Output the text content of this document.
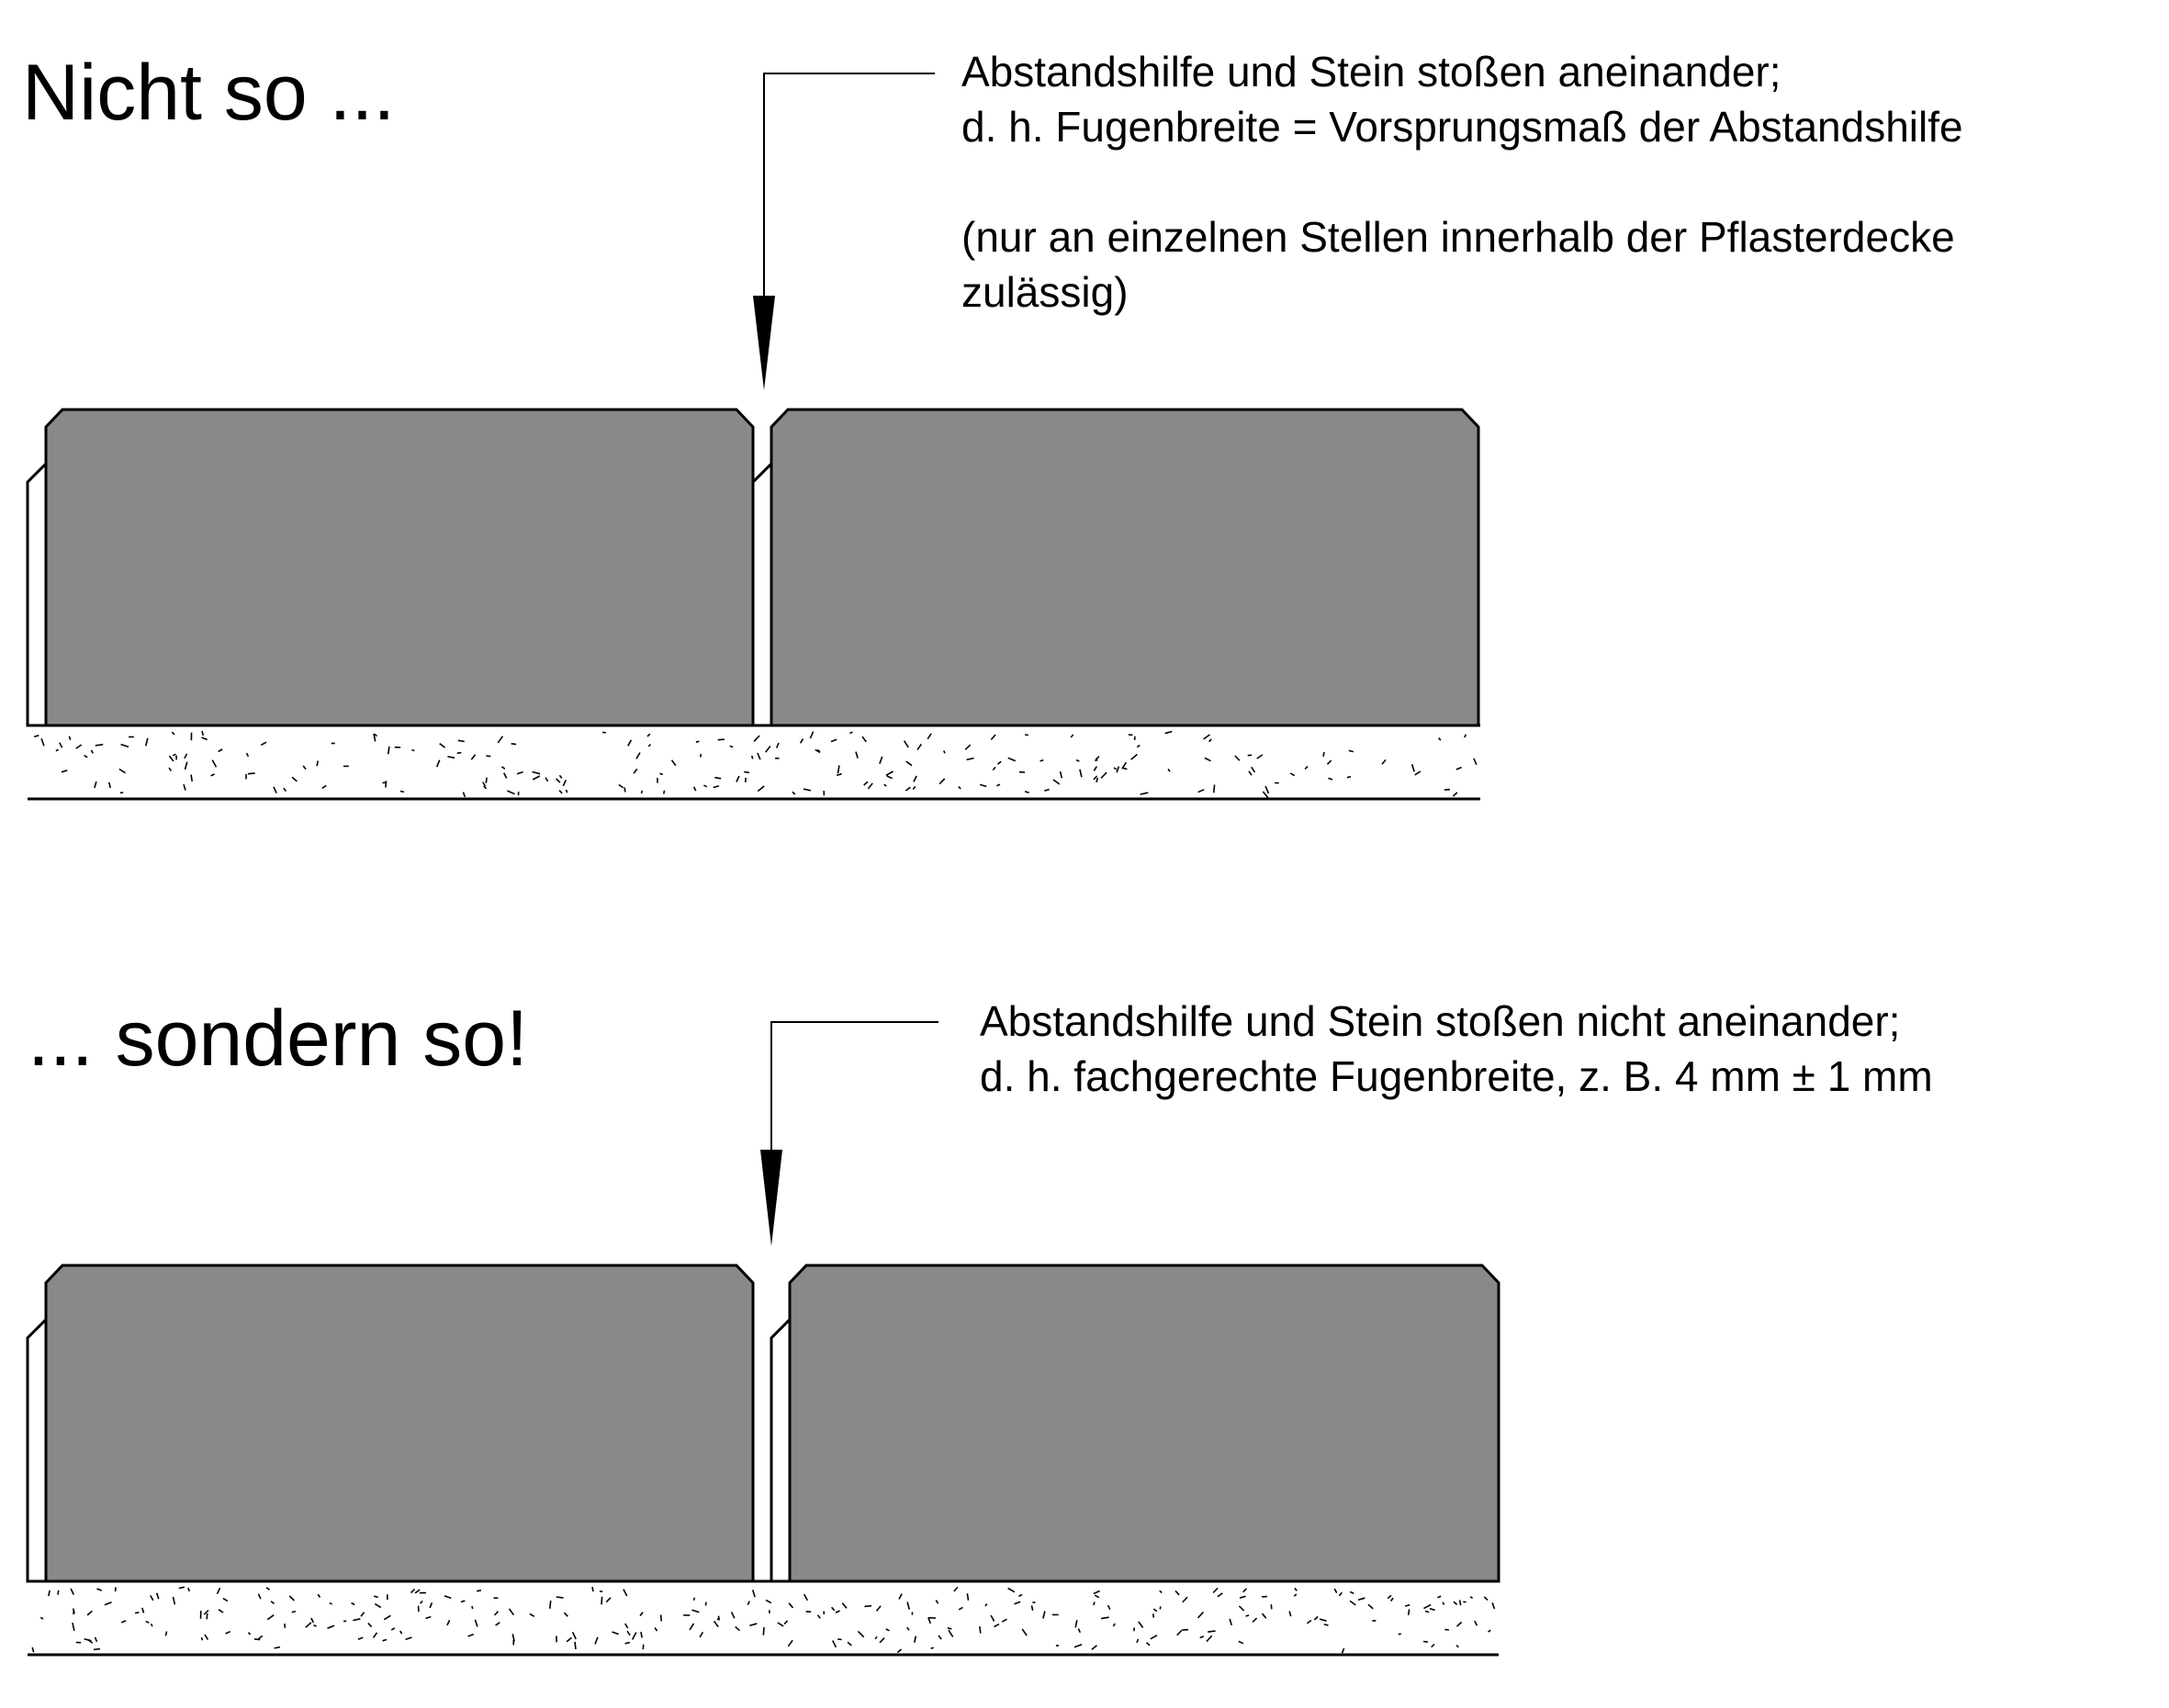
Nicht so ...	Abstandshilfe und Stein stoßen aneinander;
d. h. Fugenbreite = Vorsprungsmaß der Abstandshilfe
(nur an einzelnen Stellen innerhalb der Pflasterdecke
zulässig)
... sondern so!	Abstandshilfe und Stein stoßen nicht aneinander;
d. h. fachgerechte Fugenbreite, z. B. 4 mm ± 1 mm
